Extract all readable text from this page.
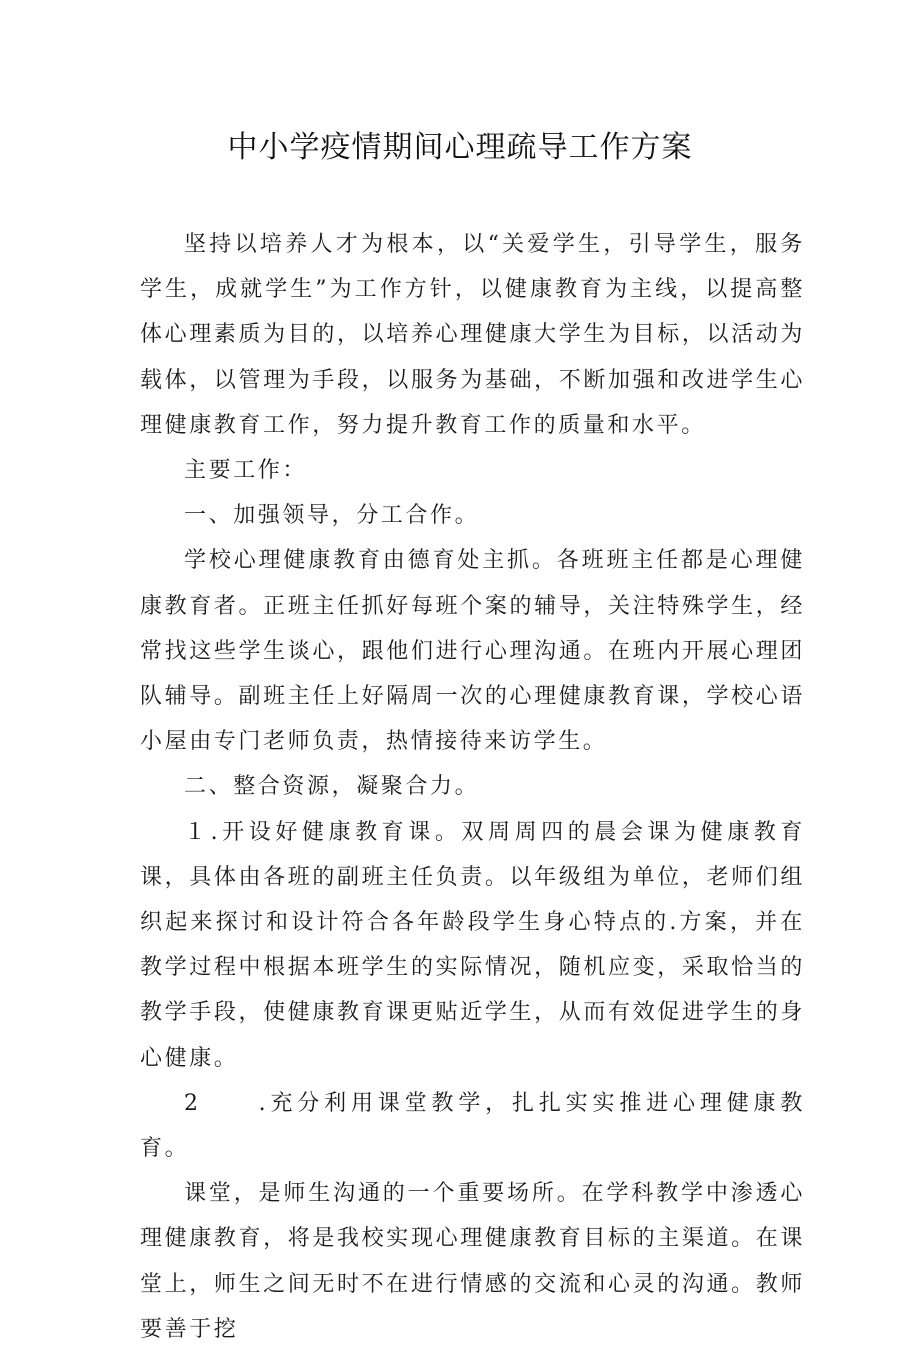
中小学疫情期间心理疏导工作方案

坚持以培养人才为根本，以“关爱学生，引导学生，服务学生，成就学生”为工作方针，以健康教育为主线，以提高整体心理素质为目的，以培养心理健康大学生为目标，以活动为载体，以管理为手段，以服务为基础，不断加强和改进学生心理健康教育工作，努力提升教育工作的质量和水平。

主要工作：

一、加强领导，分工合作。

学校心理健康教育由德育处主抓。各班班主任都是心理健康教育者。正班主任抓好每班个案的辅导，关注特殊学生，经常找这些学生谈心，跟他们进行心理沟通。在班内开展心理团队辅导。副班主任上好隔周一次的心理健康教育课，学校心语小屋由专门老师负责，热情接待来访学生。

二、整合资源，凝聚合力。

１.开设好健康教育课。双周周四的晨会课为健康教育课，具体由各班的副班主任负责。以年级组为单位，老师们组织起来探讨和设计符合各年龄段学生身心特点的.方案，并在教学过程中根据本班学生的实际情况，随机应变，采取恰当的教学手段，使健康教育课更贴近学生，从而有效促进学生的身心健康。

2	.充分利用课堂教学，扎扎实实推进心理健康教育。

课堂，是师生沟通的一个重要场所。在学科教学中渗透心理健康教育，将是我校实现心理健康教育目标的主渠道。在课堂上，师生之间无时不在进行情感的交流和心灵的沟通。教师要善于挖
